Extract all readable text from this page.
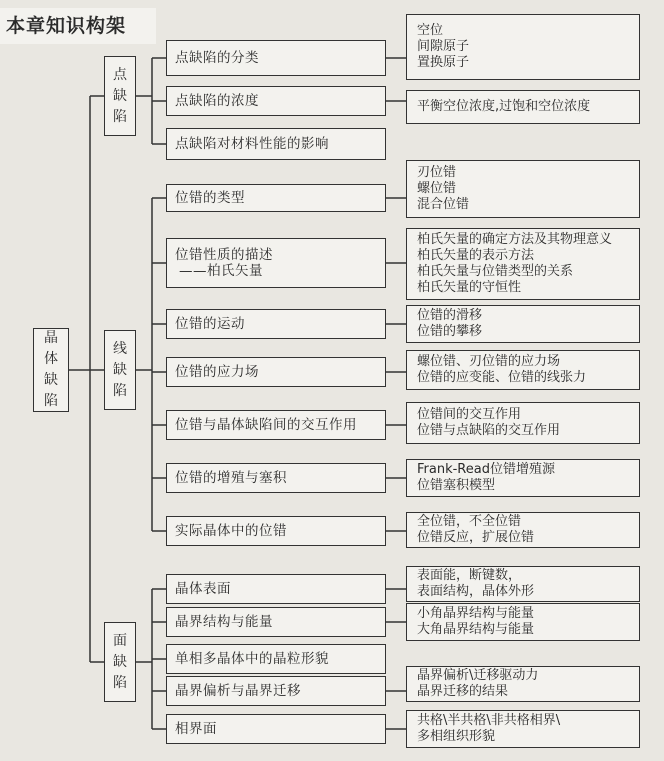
本章知识构架
晶
体
缺
陷
点
缺
陷
线
缺
陷
面
缺
陷
点缺陷的分类
空位
间隙原子
置换原子
点缺陷的浓度	平衡空位浓度,过饱和空位浓度
点缺陷对材料性能的影响
位错的类型
刃位错
螺位错
混合位错
位错性质的描述
——柏氏矢量
柏氏矢量的确定方法及其物理意义
柏氏矢量的表示方法
柏氏矢量与位错类型的关系
柏氏矢量的守恒性
位错的运动
位错的滑移
位错的攀移
位错的应力场
螺位错、刃位错的应力场
位错的应变能、位错的线张力
位错与晶体缺陷间的交互作用
位错间的交互作用
位错与点缺陷的交互作用
位错的增殖与塞积
Frank-Read位错增殖源
位错塞积模型
实际晶体中的位错
全位错，不全位错
位错反应，扩展位错
晶体表面
表面能，断键数，
表面结构，晶体外形
晶界结构与能量
小角晶界结构与能量
大角晶界结构与能量
单相多晶体中的晶粒形貌
晶界偏析与晶界迁移
晶界偏析\迁移驱动力
晶界迁移的结果
相界面
共格\半共格\非共格相界\
多相组织形貌
